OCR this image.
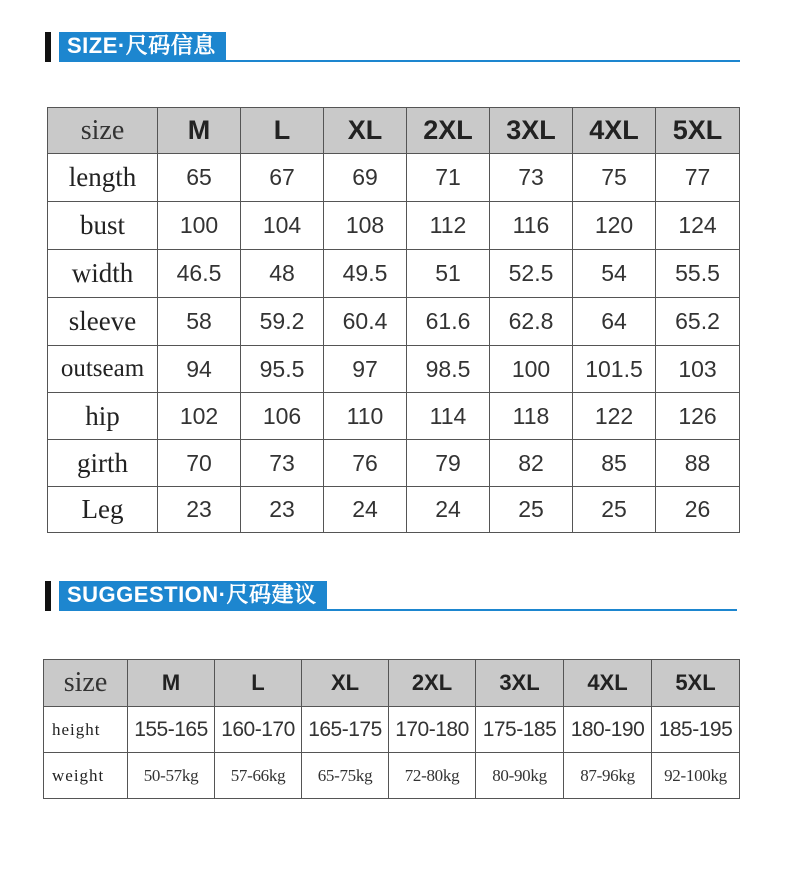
SIZE·尺码信息
size	M	L	XL	2XL	3XL	4XL	5XL
length	65	67	69	71	73	75	77
bust	100	104	108	112	116	120	124
width	46.5	48	49.5	51	52.5	54	55.5
sleeve	58	59.2	60.4	61.6	62.8	64	65.2
outseam	94	95.5	97	98.5	100	101.5	103
hip	102	106	110	114	118	122	126
girth	70	73	76	79	82	85	88
Leg	23	23	24	24	25	25	26
SUGGESTION·尺码建议
size	M	L	XL	2XL	3XL	4XL	5XL
height	155-165	160-170	165-175	170-180	175-185	180-190	185-195
weight	50-57kg	57-66kg	65-75kg	72-80kg	80-90kg	87-96kg	92-100kg
